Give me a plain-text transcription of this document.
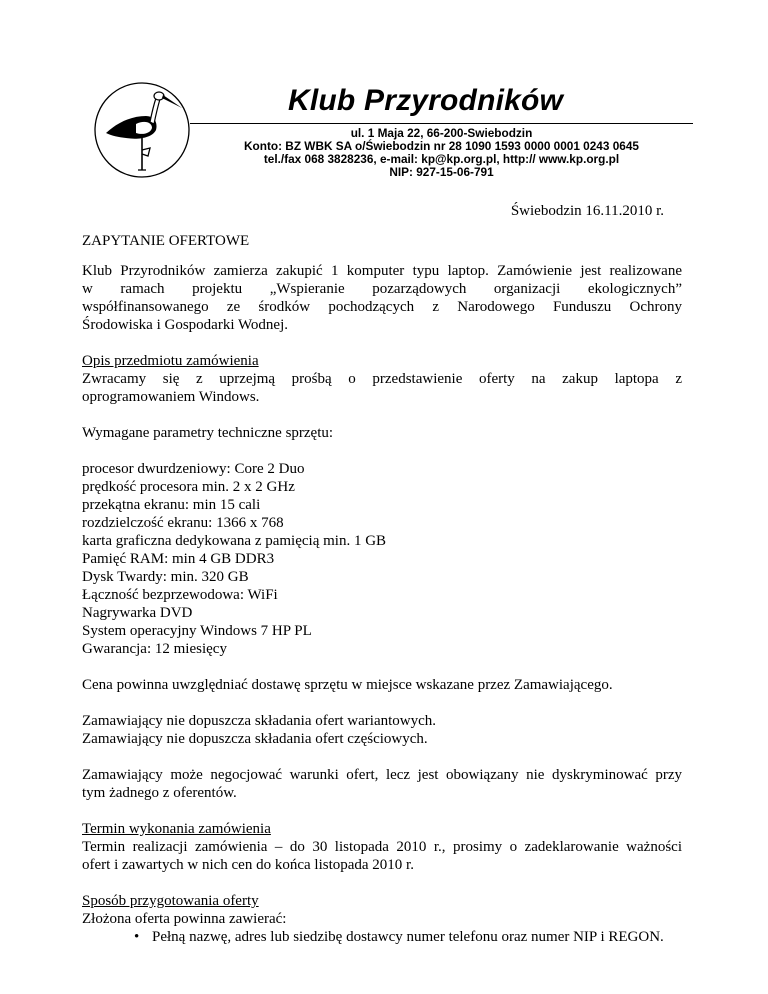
Klub Przyrodników
ul. 1 Maja 22, 66-200-Swiebodzin
Konto: BZ WBK SA o/Świebodzin nr 28 1090 1593 0000 0001 0243 0645
tel./fax 068 3828236, e-mail: kp@kp.org.pl, http:// www.kp.org.pl
NIP: 927-15-06-791
Świebodzin 16.11.2010 r.
ZAPYTANIE OFERTOWE

Klub Przyrodników zamierza zakupić 1 komputer typu laptop. Zamówienie jest realizowane
w ramach projektu „Wspieranie pozarządowych organizacji ekologicznych”
współfinansowanego ze środków pochodzących z Narodowego Funduszu Ochrony
Środowiska i Gospodarki Wodnej.

Opis przedmiotu zamówienia
Zwracamy się z uprzejmą prośbą o przedstawienie oferty na zakup laptopa z
oprogramowaniem Windows.

Wymagane parametry techniczne sprzętu:

procesor dwurdzeniowy: Core 2 Duo
prędkość procesora min. 2 x 2 GHz
przekątna ekranu: min 15 cali
rozdzielczość ekranu: 1366 x 768
karta graficzna dedykowana z pamięcią min. 1 GB
Pamięć RAM: min 4 GB DDR3
Dysk Twardy: min. 320 GB
Łączność bezprzewodowa: WiFi
Nagrywarka DVD
System operacyjny Windows 7 HP PL
Gwarancja: 12 miesięcy

Cena powinna uwzględniać dostawę sprzętu w miejsce wskazane przez Zamawiającego.

Zamawiający nie dopuszcza składania ofert wariantowych.
Zamawiający nie dopuszcza składania ofert częściowych.

Zamawiający może negocjować warunki ofert, lecz jest obowiązany nie dyskryminować przy
tym żadnego z oferentów.

Termin wykonania zamówienia
Termin realizacji zamówienia – do 30 listopada 2010 r., prosimy o zadeklarowanie ważności
ofert i zawartych w nich cen do końca listopada 2010 r.

Sposób przygotowania oferty
Złożona oferta powinna zawierać:
• Pełną nazwę, adres lub siedzibę dostawcy numer telefonu oraz numer NIP i REGON.
